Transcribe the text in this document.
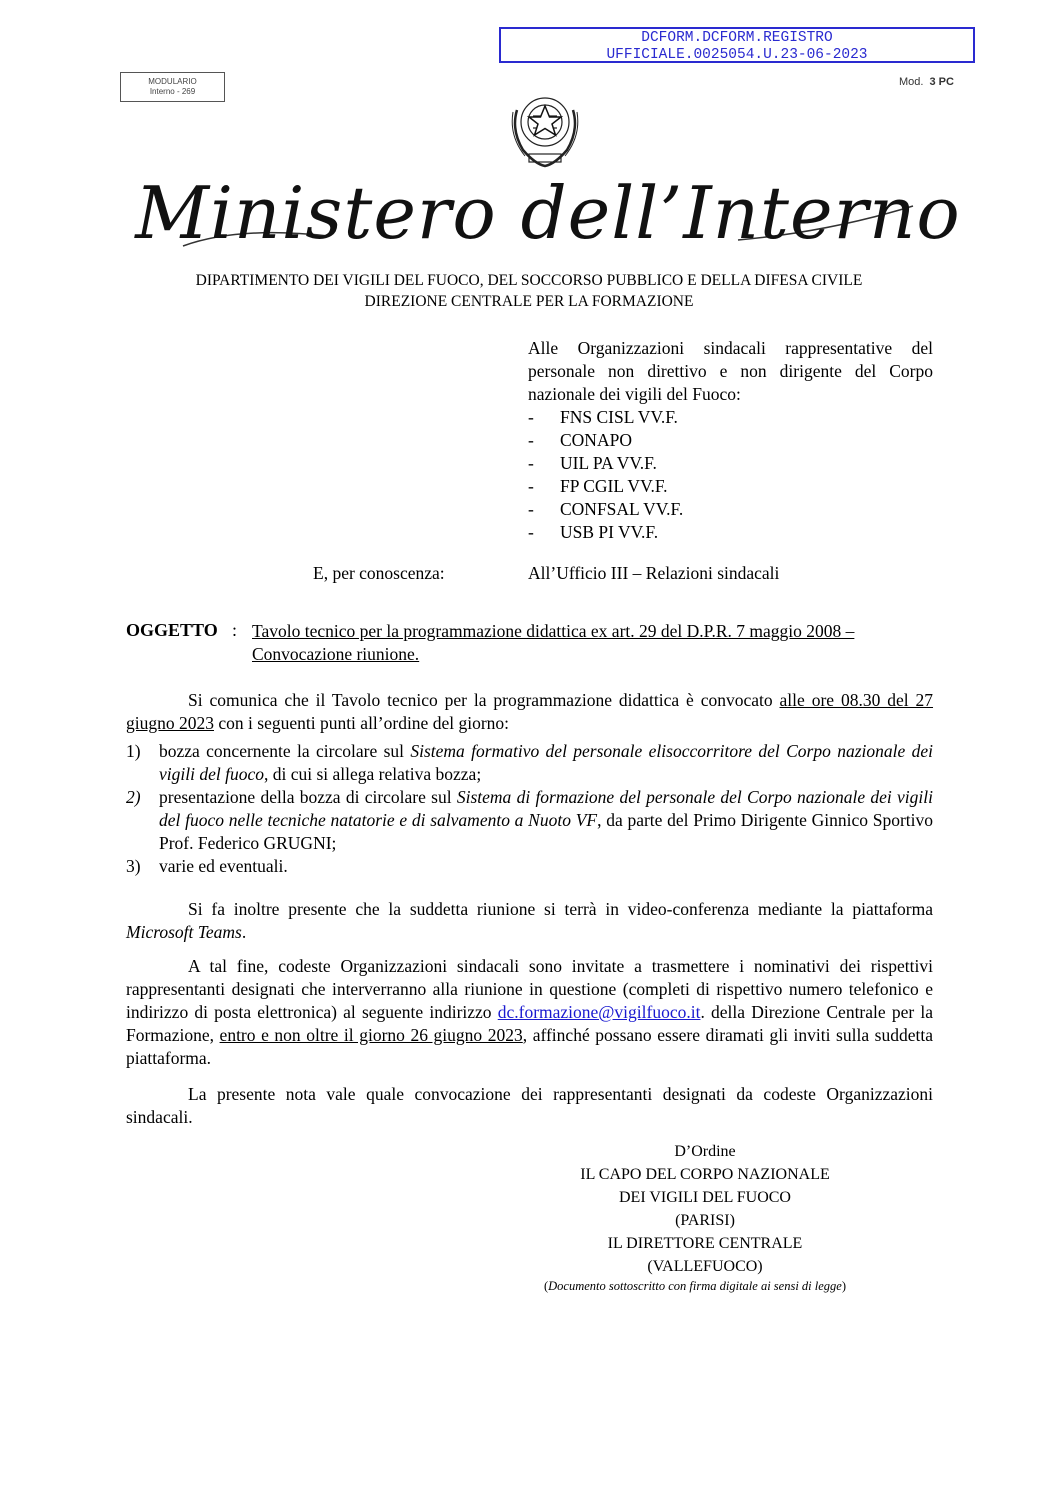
DCFORM.DCFORM.REGISTRO
UFFICIALE.0025054.U.23-06-2023
MODULARIO
Interno - 269
Mod. 3 PC
Ministero dell’Interno
DIPARTIMENTO DEI VIGILI DEL FUOCO, DEL SOCCORSO PUBBLICO E DELLA DIFESA CIVILE
DIREZIONE CENTRALE PER LA FORMAZIONE
Alle Organizzazioni sindacali rappresentative del personale non direttivo e non dirigente del Corpo nazionale dei vigili del Fuoco:
-	FNS CISL VV.F.
-	CONAPO
-	UIL PA VV.F.
-	FP CGIL VV.F.
-	CONFSAL VV.F.
-	USB PI VV.F.
E, per conoscenza:	All’Ufficio III – Relazioni sindacali
OGGETTO : Tavolo tecnico per la programmazione didattica ex art. 29 del D.P.R. 7 maggio 2008 – Convocazione riunione.
Si comunica che il Tavolo tecnico per la programmazione didattica è convocato alle ore 08.30 del 27 giugno 2023 con i seguenti punti all’ordine del giorno:
1)	bozza concernente la circolare sul Sistema formativo del personale elisoccorritore del Corpo nazionale dei vigili del fuoco, di cui si allega relativa bozza;
2)	presentazione della bozza di circolare sul Sistema di formazione del personale del Corpo nazionale dei vigili del fuoco nelle tecniche natatorie e di salvamento a Nuoto VF, da parte del Primo Dirigente Ginnico Sportivo Prof. Federico GRUGNI;
3)	varie ed eventuali.
Si fa inoltre presente che la suddetta riunione si terrà in video-conferenza mediante la piattaforma Microsoft Teams.
A tal fine, codeste Organizzazioni sindacali sono invitate a trasmettere i nominativi dei rispettivi rappresentanti designati che interverranno alla riunione in questione (completi di rispettivo numero telefonico e indirizzo di posta elettronica) al seguente indirizzo dc.formazione@vigilfuoco.it. della Direzione Centrale per la Formazione, entro e non oltre il giorno 26 giugno 2023, affinché possano essere diramati gli inviti sulla suddetta piattaforma.
La presente nota vale quale convocazione dei rappresentanti designati da codeste Organizzazioni sindacali.
D’Ordine
IL CAPO DEL CORPO NAZIONALE
DEI VIGILI DEL FUOCO
(PARISI)
IL DIRETTORE CENTRALE
(VALLEFUOCO)
(Documento sottoscritto con firma digitale ai sensi di legge)
